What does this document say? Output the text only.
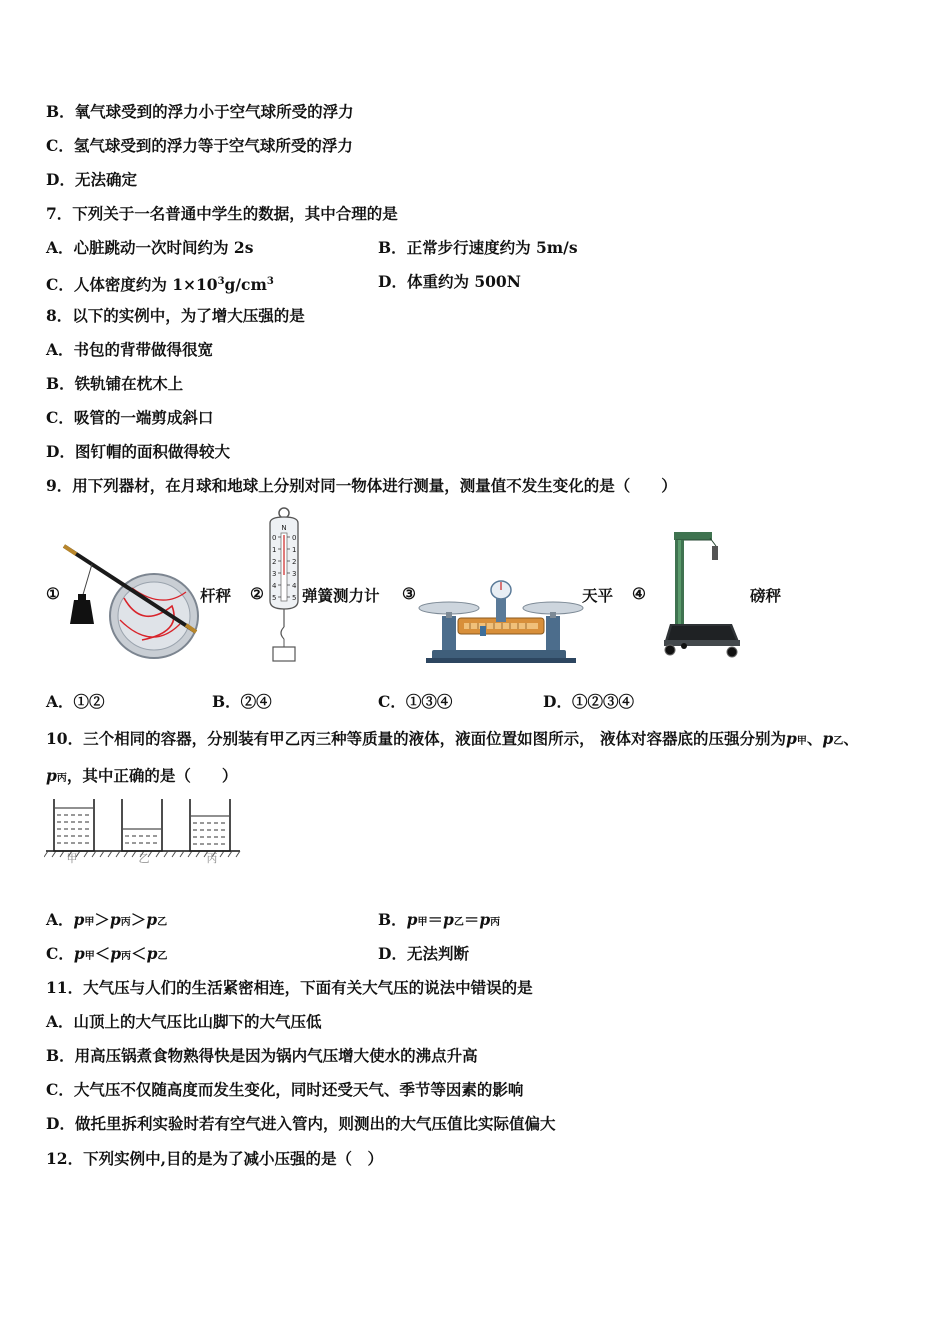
B．氧气球受到的浮力小于空气球所受的浮力
C．氢气球受到的浮力等于空气球所受的浮力
D．无法确定
7．下列关于一名普通中学生的数据，其中合理的是
A．心脏跳动一次时间约为 2s	B．正常步行速度约为 5m/s
C．人体密度约为 $1\times 10^3g/cm^3$	D．体重约为 500N
8．以下的实例中，为了增大压强的是
A．书包的背带做得很宽
B．铁轨铺在枕木上
C．吸管的一端剪成斜口
D．图钉帽的面积做得较大
9．用下列器材，在月球和地球上分别对同一物体进行测量，测量值不发生变化的是（　　）
①	杆秤 ②
N
0
1
2
3
4
5
0
1
2
3
4
5 弹簧测力计 ③	天平 ④	磅秤
A．①②	B．②④	C．①③④	D．①②③④
10．三个相同的容器，分别装有甲乙丙三种等质量的液体，液面位置如图所示， 液体对容器底的压强分别为p甲、p乙、
p丙，其中正确的是（　　）
甲	乙	丙
A．p甲＞p丙＞p乙	B．p甲＝p乙＝p丙
C．p甲＜p丙＜p乙	D．无法判断
11．大气压与人们的生活紧密相连，下面有关大气压的说法中错误的是
A．山顶上的大气压比山脚下的大气压低
B．用高压锅煮食物熟得快是因为锅内气压增大使水的沸点升高
C．大气压不仅随高度而发生变化，同时还受天气、季节等因素的影响
D．做托里拆利实验时若有空气进入管内，则测出的大气压值比实际值偏大
12．下列实例中,目的是为了减小压强的是（　）
